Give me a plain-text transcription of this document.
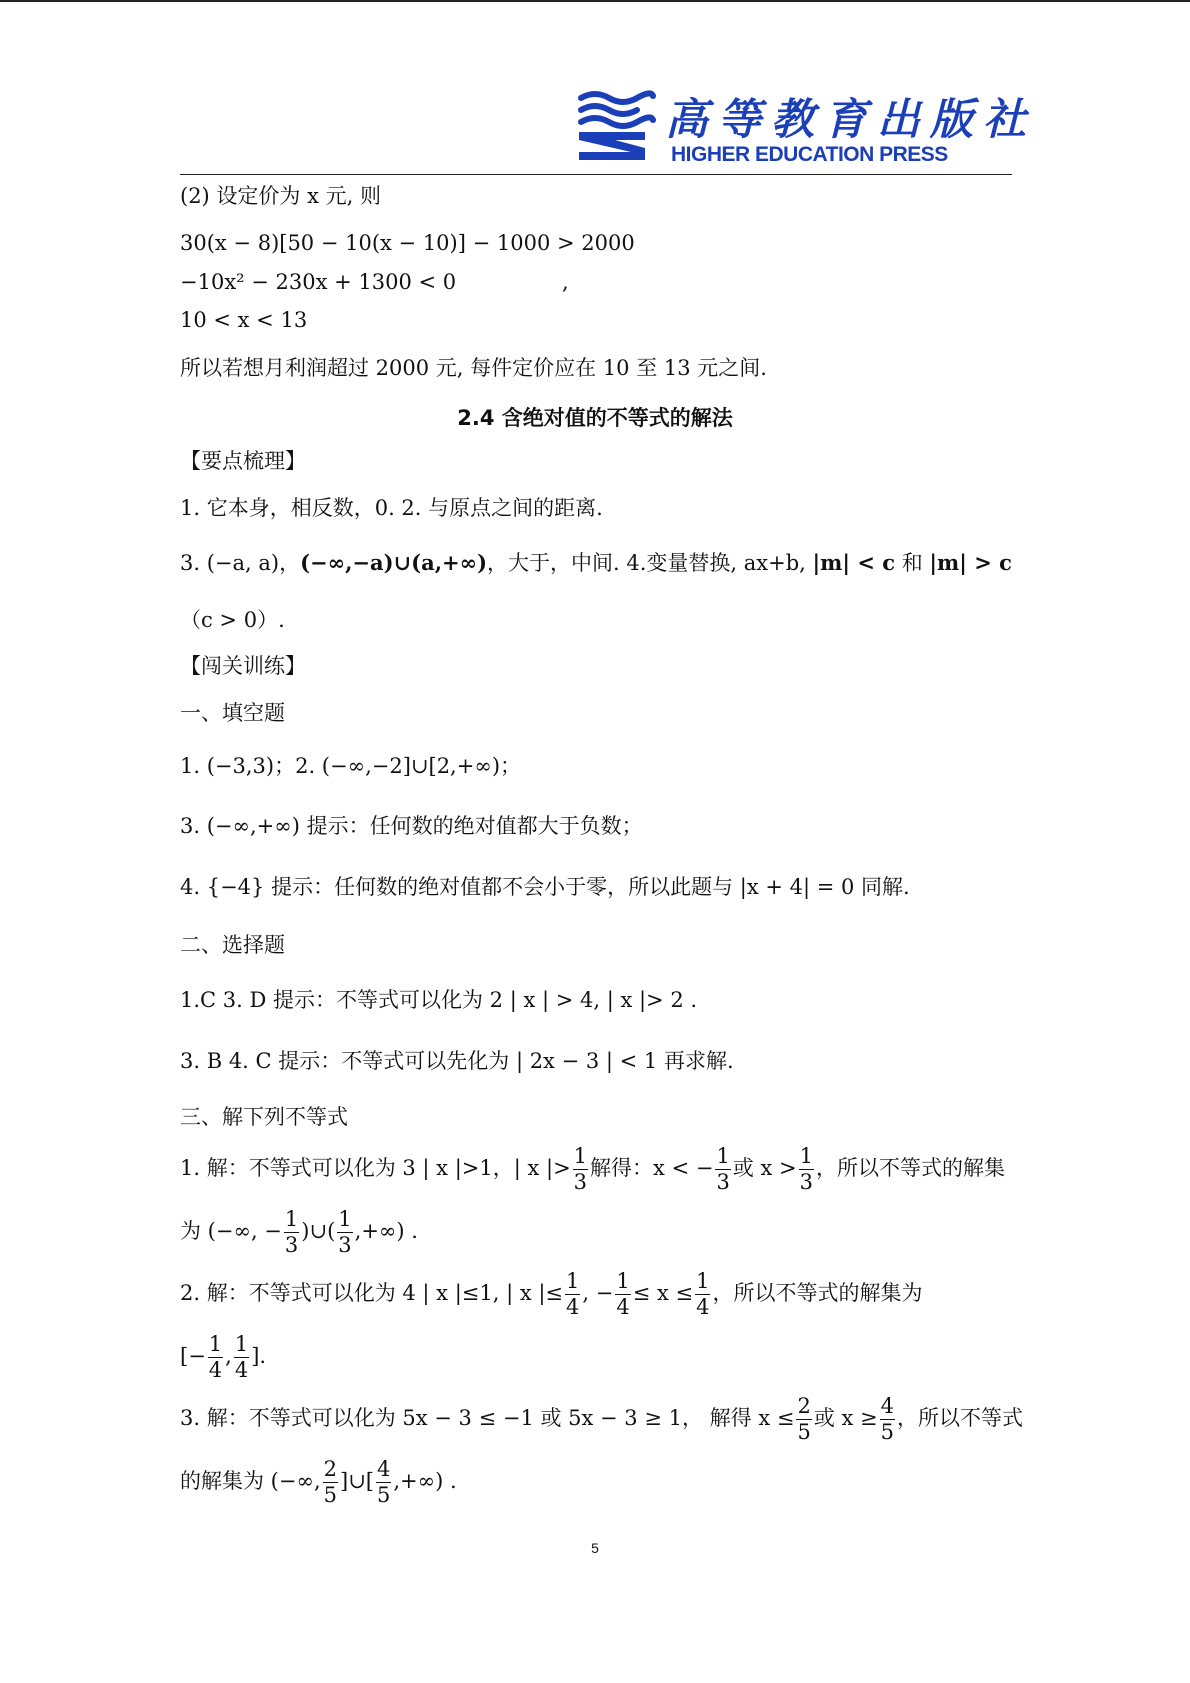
高等教育出版社
HIGHER EDUCATION PRESS
(2) 设定价为 x 元, 则
30(x − 8)[50 − 10(x − 10)] − 1000 > 2000
−10x² − 230x + 1300 < 0	,
10 < x < 13
所以若想月利润超过 2000 元, 每件定价应在 10 至 13 元之间.
2.4 含绝对值的不等式的解法
【要点梳理】
1. 它本身，相反数，0. 2. 与原点之间的距离.
3. (−a, a)，(−∞,−a)∪(a,+∞)，大于，中间. 4.变量替换, ax+b, |m| < c 和 |m| > c
（c > 0）.
【闯关训练】
一、填空题
1. (−3,3)；2. (−∞,−2]∪[2,+∞)；
3. (−∞,+∞) 提示：任何数的绝对值都大于负数；
4. {−4} 提示：任何数的绝对值都不会小于零，所以此题与 |x + 4| = 0 同解.
二、选择题
1.C 3. D 提示：不等式可以化为 2 | x | > 4, | x |> 2 .
3. B 4. C 提示：不等式可以先化为 | 2x − 3 | < 1 再求解.
三、解下列不等式
1. 解：不等式可以化为 3 | x |>1，| x |> $\frac{1}{3}$ 解得：x < − $\frac{1}{3}$ 或 $x > \frac{1}{3}$ ，所以不等式的解集
为 (−∞, − $\frac{1}{3}$ )∪( $\frac{1}{3}$ ,+∞) .
2. 解：不等式可以化为 4 | x |≤1, | x |≤ $\frac{1}{4}$ , − $\frac{1}{4} \le x \le \frac{1}{4}$ ，所以不等式的解集为
[− $\frac{1}{4}$ , $\frac{1}{4}$ ].
3. 解：不等式可以化为 5x − 3 ≤ −1 或 5x − 3 ≥ 1， 解得 $x \le \frac{2}{5}$ 或 $x \ge \frac{4}{5}$ ，所以不等式
的解集为 (−∞, $\frac{2}{5}$ ]∪[ $\frac{4}{5}$ ,+∞) .
5
